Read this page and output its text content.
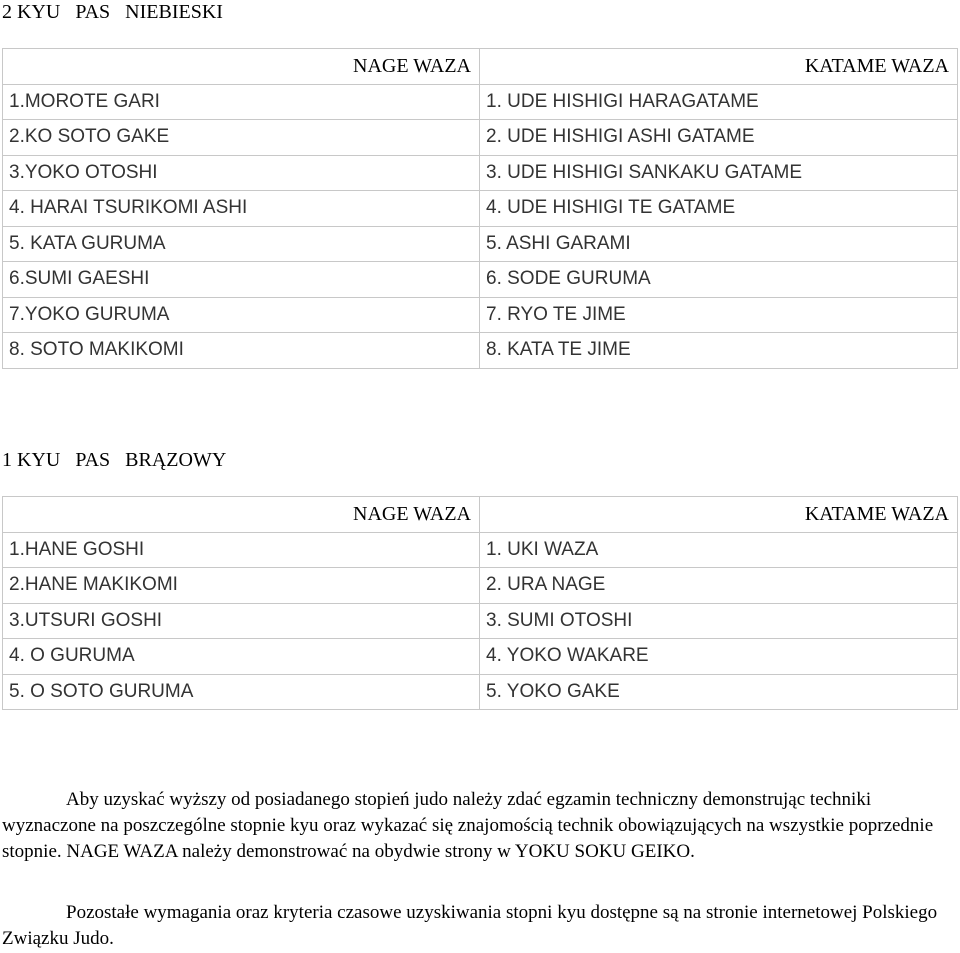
2 KYU   PAS   NIEBIESKI
NAGE WAZA	KATAME WAZA
1.MOROTE GARI	1. UDE HISHIGI HARAGATAME
2.KO SOTO GAKE	2. UDE HISHIGI ASHI GATAME
3.YOKO OTOSHI	3. UDE HISHIGI SANKAKU GATAME
4. HARAI TSURIKOMI ASHI	4. UDE HISHIGI TE GATAME
5. KATA GURUMA	5. ASHI GARAMI
6.SUMI GAESHI	6. SODE GURUMA
7.YOKO GURUMA	7. RYO TE JIME
8. SOTO MAKIKOMI	8. KATA TE JIME
1 KYU   PAS   BRĄZOWY
NAGE WAZA	KATAME WAZA
1.HANE GOSHI	1. UKI WAZA
2.HANE MAKIKOMI	2. URA NAGE
3.UTSURI GOSHI	3. SUMI OTOSHI
4. O GURUMA	4. YOKO WAKARE
5. O SOTO GURUMA	5. YOKO GAKE

Aby uzyskać wyższy od posiadanego stopień judo należy zdać egzamin techniczny demonstrując techniki wyznaczone na poszczególne stopnie kyu oraz wykazać się znajomością technik obowiązujących na wszystkie poprzednie stopnie. NAGE WAZA należy demonstrować na obydwie strony w YOKU SOKU GEIKO.

Pozostałe wymagania oraz kryteria czasowe uzyskiwania stopni kyu dostępne są na stronie internetowej Polskiego Związku Judo.
